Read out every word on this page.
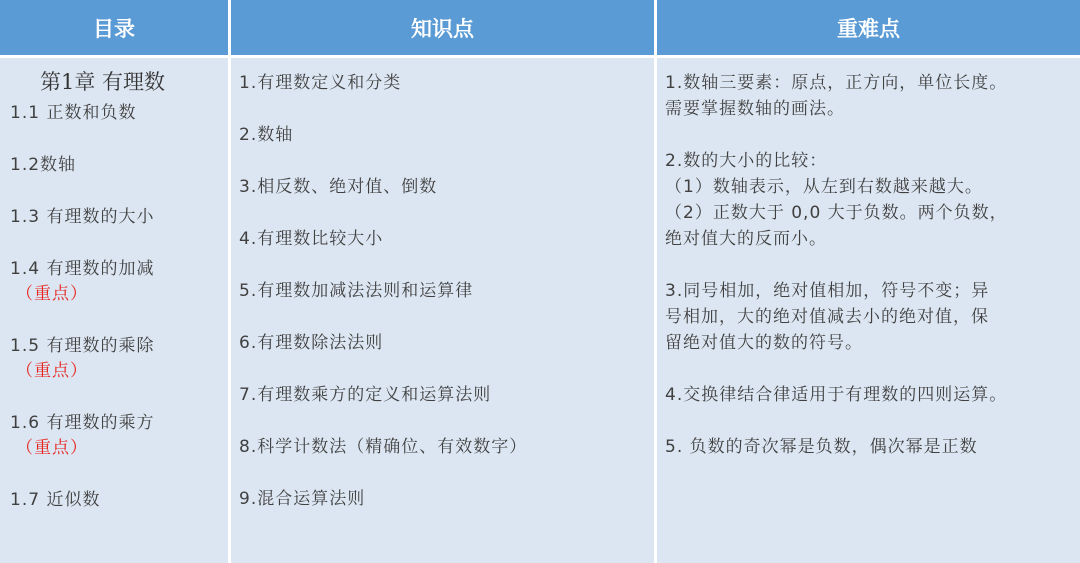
目录	知识点	重难点
第1章 有理数
1.1 正数和负数
1.2数轴
1.3 有理数的大小
1.4 有理数的加减
（重点）
1.5 有理数的乘除
（重点）
1.6 有理数的乘方
（重点）
1.7 近似数
1.有理数定义和分类
2.数轴
3.相反数、绝对值、倒数
4.有理数比较大小
5.有理数加减法法则和运算律
6.有理数除法法则
7.有理数乘方的定义和运算法则
8.科学计数法（精确位、有效数字）
9.混合运算法则
1.数轴三要素：原点，正方向，单位长度。
需要掌握数轴的画法。
2.数的大小的比较：
（1）数轴表示，从左到右数越来越大。
（2）正数大于 0,0 大于负数。两个负数，
绝对值大的反而小。
3.同号相加，绝对值相加，符号不变；异
号相加，大的绝对值减去小的绝对值，保
留绝对值大的数的符号。
4.交换律结合律适用于有理数的四则运算。
5. 负数的奇次幂是负数，偶次幂是正数
